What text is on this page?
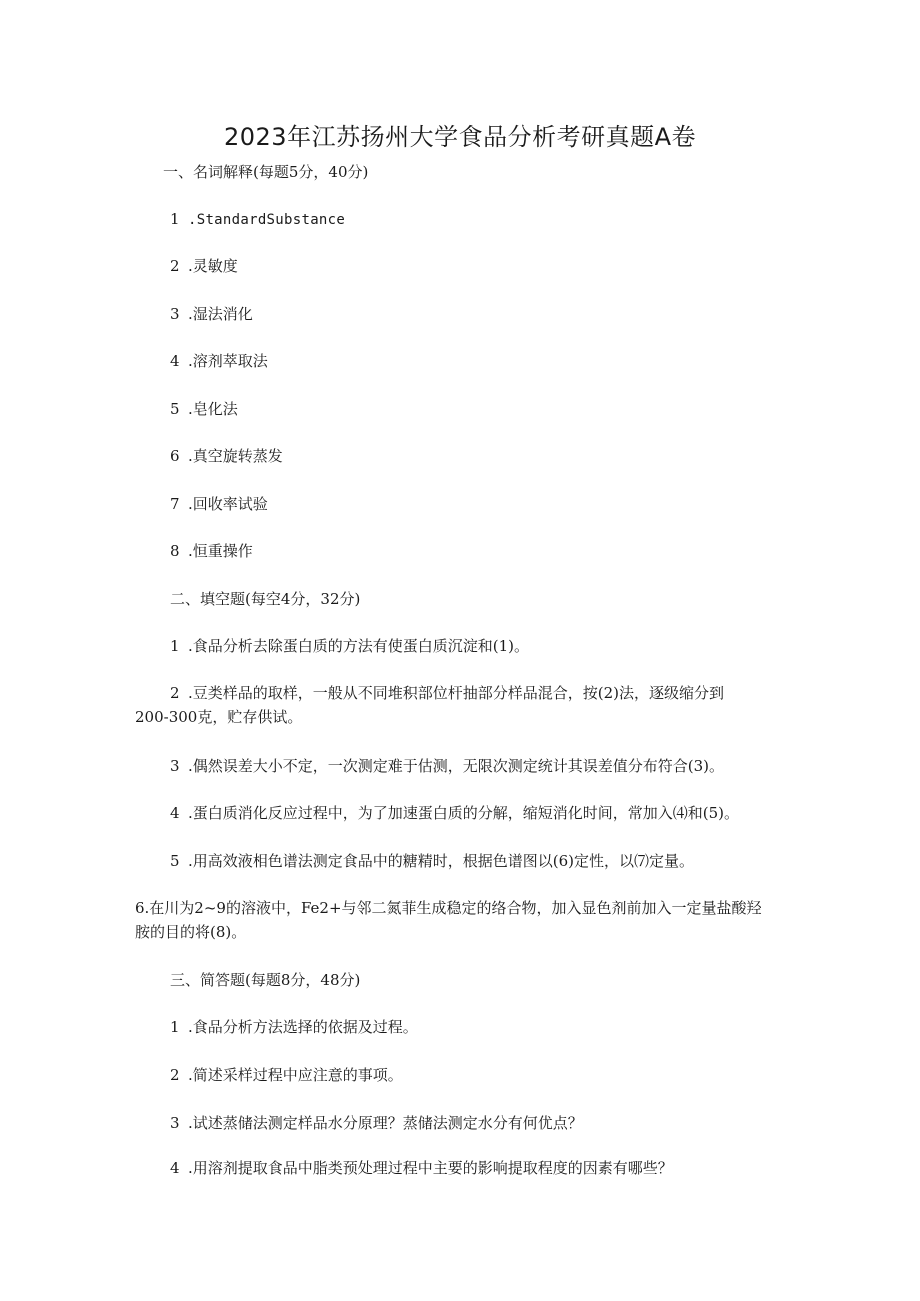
2023年江苏扬州大学食品分析考研真题A卷
一、名词解释(每题5分，40分)
1 .StandardSubstance
2 .灵敏度
3 .湿法消化
4 .溶剂萃取法
5 .皂化法
6 .真空旋转蒸发
7 .回收率试验
8 .恒重操作
二、填空题(每空4分，32分)
1 .食品分析去除蛋白质的方法有使蛋白质沉淀和(1)。
2 .豆类样品的取样，一般从不同堆积部位杆抽部分样品混合，按(2)法，逐级缩分到
200-300克，贮存供试。
3 .偶然误差大小不定，一次测定难于估测，无限次测定统计其误差值分布符合(3)。
4 .蛋白质消化反应过程中，为了加速蛋白质的分解，缩短消化时间，常加入⑷和(5)。
5 .用高效液相色谱法测定食品中的糖精时，根据色谱图以(6)定性，以⑺定量。
6.在川为2~9的溶液中，Fe2+与邻二氮菲生成稳定的络合物，加入显色剂前加入一定量盐酸羟
胺的目的将(8)。
三、简答题(每题8分，48分)
1 .食品分析方法选择的依据及过程。
2 .简述采样过程中应注意的事项。
3 .试述蒸储法测定样品水分原理？蒸储法测定水分有何优点？
4 .用溶剂提取食品中脂类预处理过程中主要的影响提取程度的因素有哪些？
